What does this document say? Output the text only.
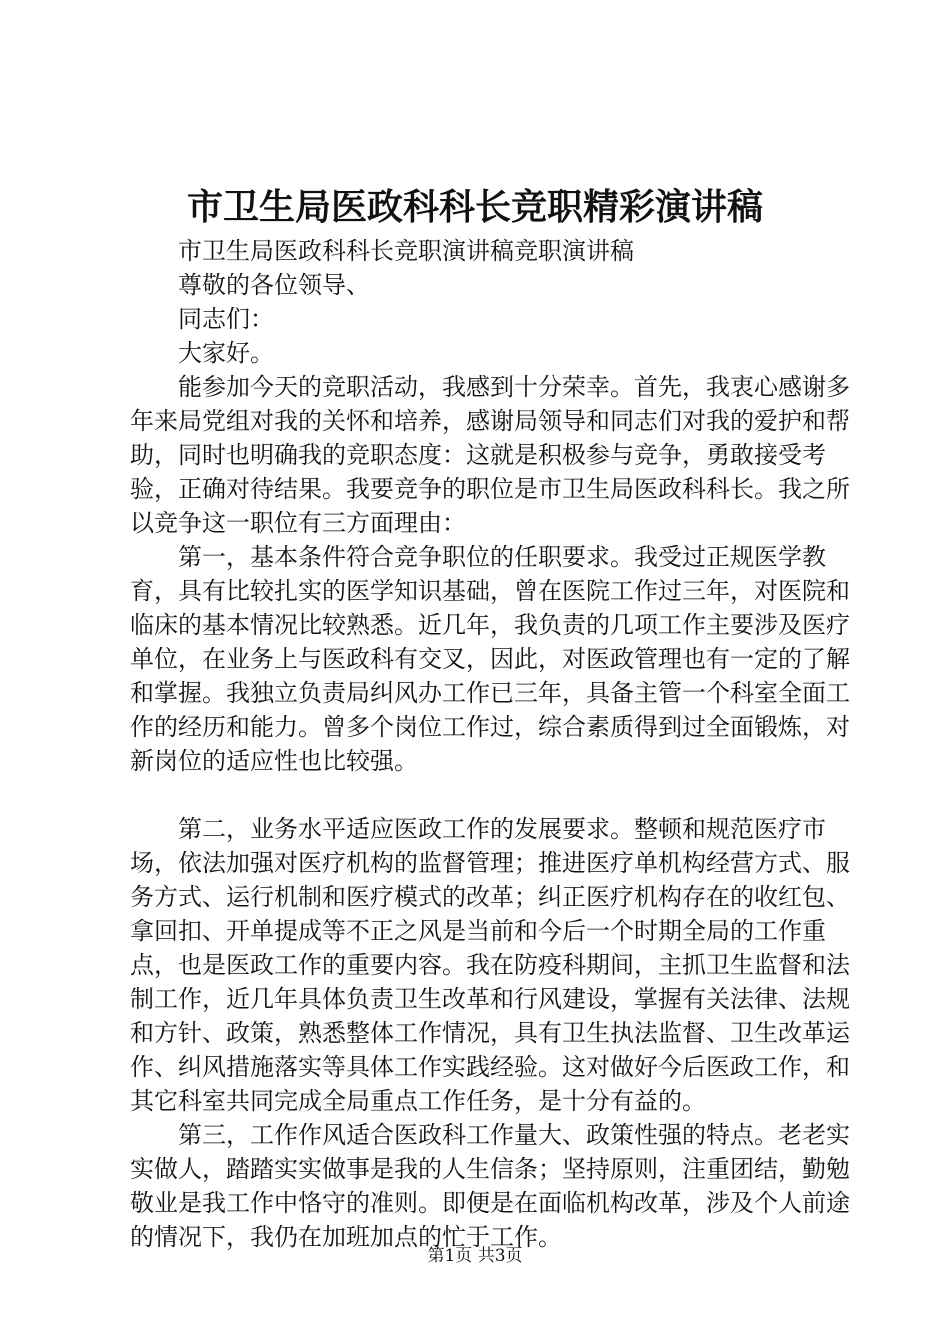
市卫生局医政科科长竞职精彩演讲稿

市卫生局医政科科长竞职演讲稿竞职演讲稿

尊敬的各位领导、

同志们：

大家好。

能参加今天的竞职活动，我感到十分荣幸。首先，我衷心感谢多年来局党组对我的关怀和培养，感谢局领导和同志们对我的爱护和帮助，同时也明确我的竞职态度：这就是积极参与竞争，勇敢接受考验，正确对待结果。我要竞争的职位是市卫生局医政科科长。我之所以竞争这一职位有三方面理由：

第一，基本条件符合竞争职位的任职要求。我受过正规医学教育，具有比较扎实的医学知识基础，曾在医院工作过三年，对医院和临床的基本情况比较熟悉。近几年，我负责的几项工作主要涉及医疗单位，在业务上与医政科有交叉，因此，对医政管理也有一定的了解和掌握。我独立负责局纠风办工作已三年，具备主管一个科室全面工作的经历和能力。曾多个岗位工作过，综合素质得到过全面锻炼，对新岗位的适应性也比较强。

第二，业务水平适应医政工作的发展要求。整顿和规范医疗市场，依法加强对医疗机构的监督管理；推进医疗单机构经营方式、服务方式、运行机制和医疗模式的改革；纠正医疗机构存在的收红包、拿回扣、开单提成等不正之风是当前和今后一个时期全局的工作重点，也是医政工作的重要内容。我在防疫科期间，主抓卫生监督和法制工作，近几年具体负责卫生改革和行风建设，掌握有关法律、法规和方针、政策，熟悉整体工作情况，具有卫生执法监督、卫生改革运作、纠风措施落实等具体工作实践经验。这对做好今后医政工作，和其它科室共同完成全局重点工作任务，是十分有益的。

第三，工作作风适合医政科工作量大、政策性强的特点。老老实实做人，踏踏实实做事是我的人生信条；坚持原则，注重团结，勤勉敬业是我工作中恪守的准则。即便是在面临机构改革，涉及个人前途的情况下，我仍在加班加点的忙于工作。

第1页 共3页
